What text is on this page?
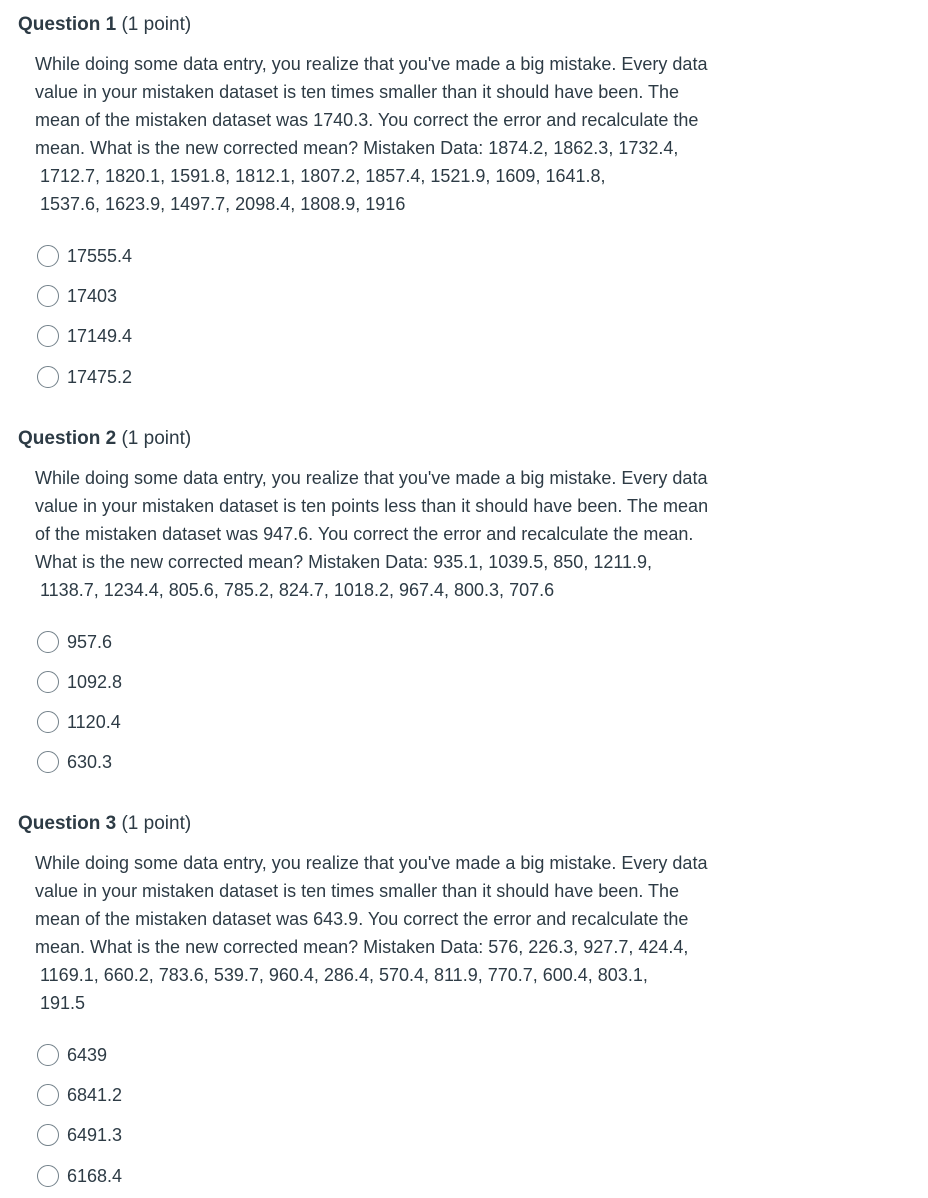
Question 1 (1 point)
While doing some data entry, you realize that you've made a big mistake. Every data
value in your mistaken dataset is ten times smaller than it should have been. The
mean of the mistaken dataset was 1740.3. You correct the error and recalculate the
mean. What is the new corrected mean? Mistaken Data: 1874.2, 1862.3, 1732.4,
1712.7, 1820.1, 1591.8, 1812.1, 1807.2, 1857.4, 1521.9, 1609, 1641.8,
1537.6, 1623.9, 1497.7, 2098.4, 1808.9, 1916
17555.4
17403
17149.4
17475.2
Question 2 (1 point)
While doing some data entry, you realize that you've made a big mistake. Every data
value in your mistaken dataset is ten points less than it should have been. The mean
of the mistaken dataset was 947.6. You correct the error and recalculate the mean.
What is the new corrected mean? Mistaken Data: 935.1, 1039.5, 850, 1211.9,
1138.7, 1234.4, 805.6, 785.2, 824.7, 1018.2, 967.4, 800.3, 707.6
957.6
1092.8
1120.4
630.3
Question 3 (1 point)
While doing some data entry, you realize that you've made a big mistake. Every data
value in your mistaken dataset is ten times smaller than it should have been. The
mean of the mistaken dataset was 643.9. You correct the error and recalculate the
mean. What is the new corrected mean? Mistaken Data: 576, 226.3, 927.7, 424.4,
1169.1, 660.2, 783.6, 539.7, 960.4, 286.4, 570.4, 811.9, 770.7, 600.4, 803.1,
191.5
6439
6841.2
6491.3
6168.4
